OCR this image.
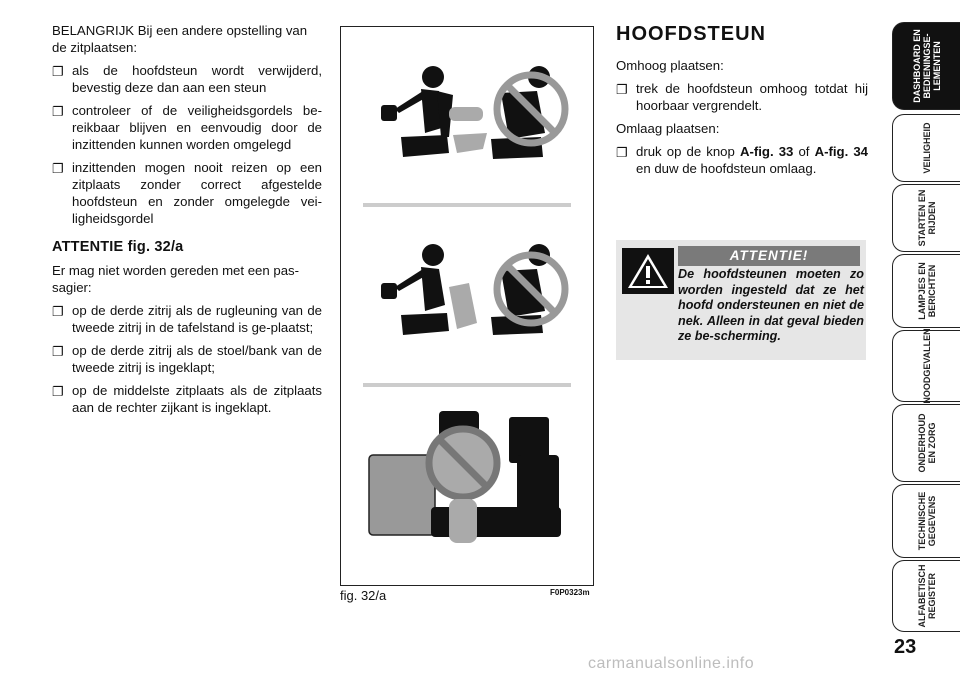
BELANGRIJK Bij een andere opstelling van de zitplaatsen:

❐ als de hoofdsteun wordt verwijderd, bevestig deze dan aan een steun
❐ controleer of de veiligheidsgordels be-reikbaar blijven en eenvoudig door de inzittenden kunnen worden omgelegd
❐ inzittenden mogen nooit reizen op een zitplaats zonder correct afgestelde hoofdsteun en zonder omgelegde vei-ligheidsgordel
ATTENTIE fig. 32/a

Er mag niet worden gereden met een pas-sagier:

❐ op de derde zitrij als de rugleuning van de tweede zitrij in de tafelstand is ge-plaatst;
❐ op de derde zitrij als de stoel/bank van de tweede zitrij is ingeklapt;
❐ op de middelste zitplaats als de zitplaats aan de rechter zijkant is ingeklapt.
fig. 32/a	F0P0323m
HOOFDSTEUN

Omhoog plaatsen:

❐ trek de hoofdsteun omhoog totdat hij hoorbaar vergrendelt.

Omlaag plaatsen:

❐ druk op de knop A-fig. 33 of A-fig. 34 en duw de hoofdsteun omlaag.
ATTENTIE!
De hoofdsteunen moeten zo worden ingesteld dat ze het hoofd ondersteunen en niet de nek. Alleen in dat geval bieden ze be-scherming.
DASHBOARD EN
BEDIENINGSE-
LEMENTEN
VEILIGHEID
STARTEN EN
RIJDEN
LAMPJES EN
BERICHTEN
NOODGEVALLEN
ONDERHOUD
EN ZORG
TECHNISCHE
GEGEVENS
ALFABETISCH
REGISTER
23
carmanualsonline.info
